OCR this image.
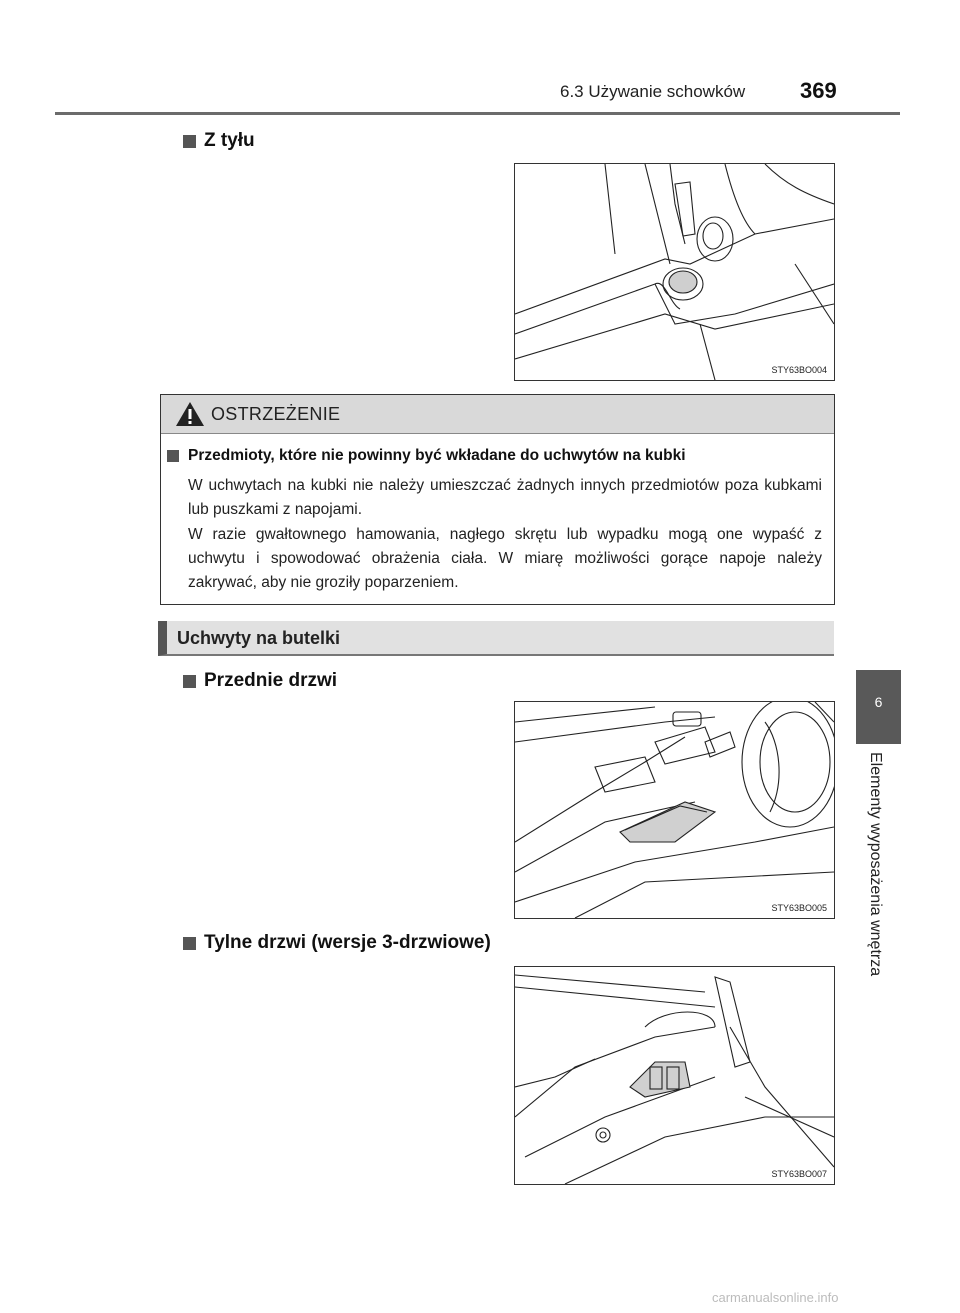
6.3 Używanie schowków 369
Z tyłu
STY63BO004
OSTRZEŻENIE
Przedmioty, które nie powinny być wkładane do uchwytów na kubki

W uchwytach na kubki nie należy umieszczać żadnych innych przedmiotów poza kubkami lub puszkami z napojami.

W razie gwałtownego hamowania, nagłego skrętu lub wypadku mogą one wypaść z uchwytu i spowodować obrażenia ciała. W miarę możliwości gorące napoje należy zakrywać, aby nie groziły poparzeniem.

Uchwyty na butelki
Przednie drzwi
STY63BO005
Tylne drzwi (wersje 3-drzwiowe)
STY63BO007
6
Elementy wyposażenia wnętrza
carmanualsonline.info
